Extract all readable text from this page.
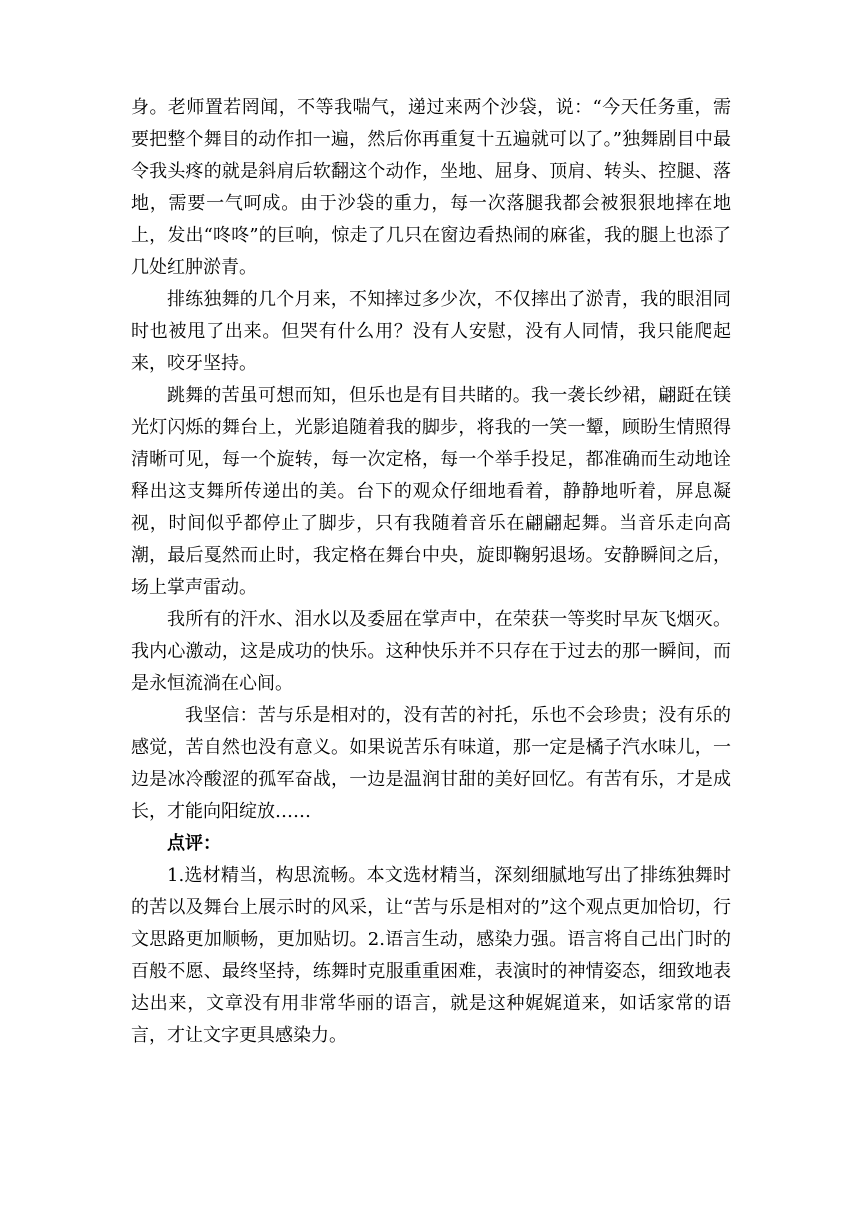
身。老师置若罔闻，不等我喘气，递过来两个沙袋，说：“今天任务重，需要把整个舞目的动作扣一遍，然后你再重复十五遍就可以了。”独舞剧目中最令我头疼的就是斜肩后软翻这个动作，坐地、屈身、顶肩、转头、控腿、落地，需要一气呵成。由于沙袋的重力，每一次落腿我都会被狠狠地摔在地上，发出“咚咚”的巨响，惊走了几只在窗边看热闹的麻雀，我的腿上也添了几处红肿淤青。

排练独舞的几个月来，不知摔过多少次，不仅摔出了淤青，我的眼泪同时也被甩了出来。但哭有什么用？没有人安慰，没有人同情，我只能爬起来，咬牙坚持。

跳舞的苦虽可想而知，但乐也是有目共睹的。我一袭长纱裙，翩跹在镁光灯闪烁的舞台上，光影追随着我的脚步，将我的一笑一颦，顾盼生情照得清晰可见，每一个旋转，每一次定格，每一个举手投足，都准确而生动地诠释出这支舞所传递出的美。台下的观众仔细地看着，静静地听着，屏息凝视，时间似乎都停止了脚步，只有我随着音乐在翩翩起舞。当音乐走向高潮，最后戛然而止时，我定格在舞台中央，旋即鞠躬退场。安静瞬间之后，场上掌声雷动。

我所有的汗水、泪水以及委屈在掌声中，在荣获一等奖时早灰飞烟灭。我内心激动，这是成功的快乐。这种快乐并不只存在于过去的那一瞬间，而是永恒流淌在心间。

我坚信：苦与乐是相对的，没有苦的衬托，乐也不会珍贵；没有乐的感觉，苦自然也没有意义。如果说苦乐有味道，那一定是橘子汽水味儿，一边是冰冷酸涩的孤军奋战，一边是温润甘甜的美好回忆。有苦有乐，才是成长，才能向阳绽放……

点评：

1.选材精当，构思流畅。本文选材精当，深刻细腻地写出了排练独舞时的苦以及舞台上展示时的风采，让“苦与乐是相对的”这个观点更加恰切，行文思路更加顺畅，更加贴切。2.语言生动，感染力强。语言将自己出门时的百般不愿、最终坚持，练舞时克服重重困难，表演时的神情姿态，细致地表达出来，文章没有用非常华丽的语言，就是这种娓娓道来，如话家常的语言，才让文字更具感染力。
